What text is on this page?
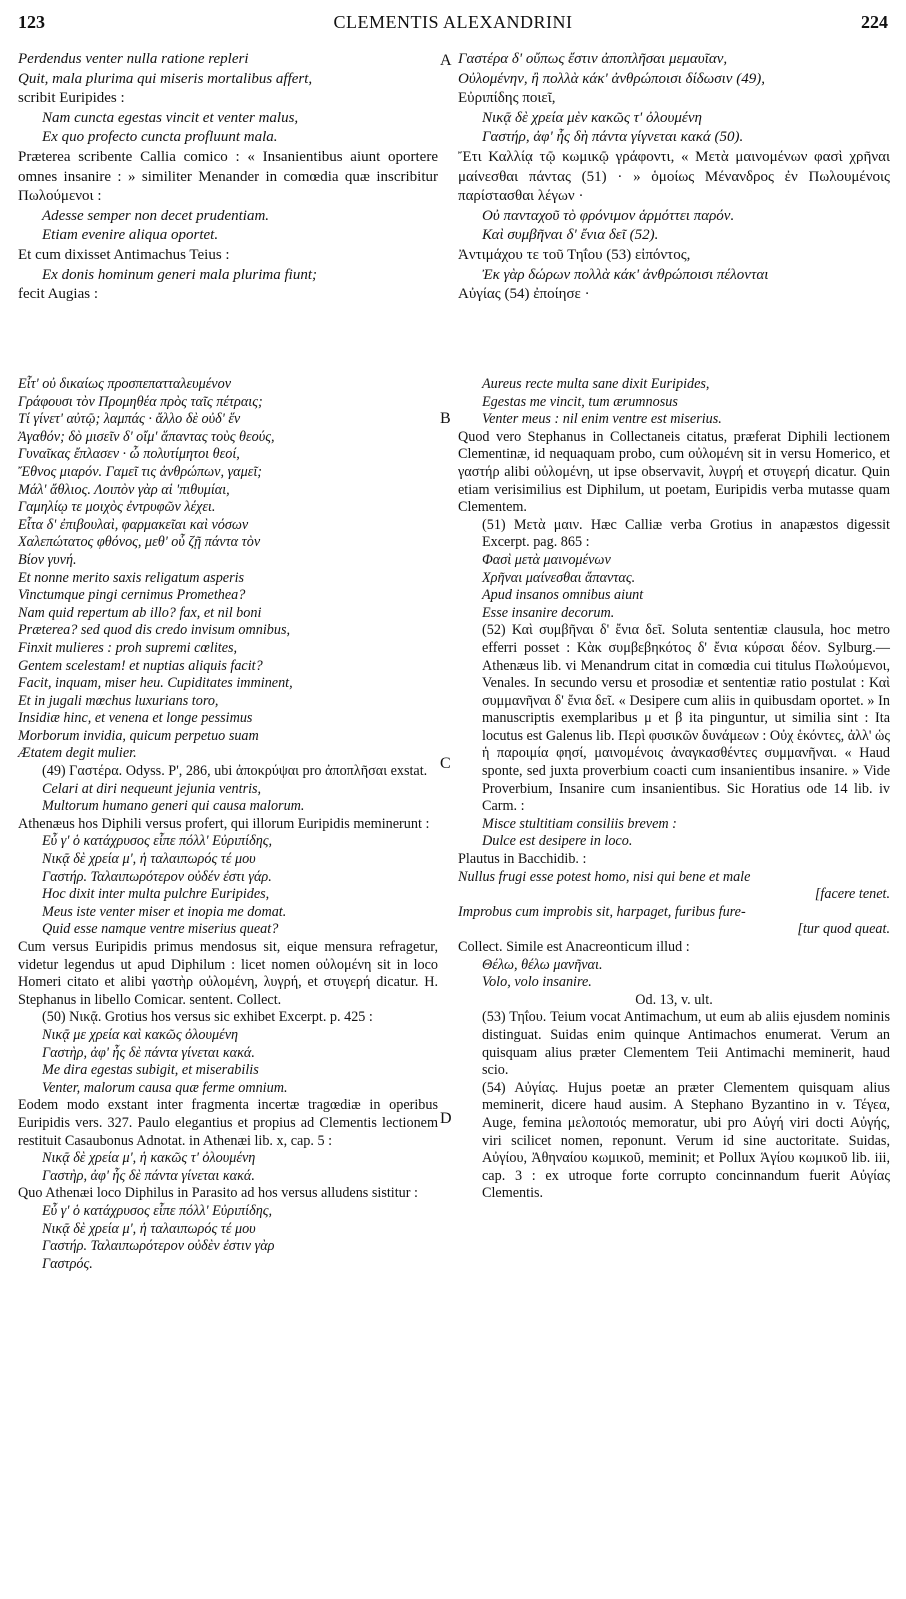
123	CLEMENTIS ALEXANDRINI	224

Perdendus venter nulla ratione repleri

Quit, mala plurima qui miseris mortalibus affert,

scribit Euripides :

Nam cuncta egestas vincit et venter malus,

Ex quo profecto cuncta profluunt mala.

Præterea scribente Callia comico : « Insanientibus aiunt oportere omnes insanire : » similiter Menander in comœdia quæ inscribitur Πωλούμενοι :

Adesse semper non decet prudentiam.

Etiam evenire aliqua oportet.

Et cum dixisset Antimachus Teius :

Ex donis hominum generi mala plurima fiunt;

fecit Augias :

Γαστέρα δ' οὔπως ἔστιν ἀποπλῆσαι μεμαυῖαν,

Οὐλομένην, ἢ πολλὰ κάκ' ἀνθρώποισι δίδωσιν (49),

Εὐριπίδης ποιεῖ,

Νικᾷ δὲ χρεία μὲν κακῶς τ' ὀλουμένη

Γαστήρ, ἀφ' ἧς δὴ πάντα γίγνεται κακά (50).

Ἔτι Καλλίᾳ τῷ κωμικῷ γράφοντι, « Μετὰ μαινομένων φασὶ χρῆναι μαίνεσθαι πάντας (51) · » ὁμοίως Μένανδρος ἐν Πωλουμένοις παρίστασθαι λέγων ·

Οὐ πανταχοῦ τὸ φρόνιμον ἁρμόττει παρόν.

Καὶ συμβῆναι δ' ἔνια δεῖ (52).

Ἀντιμάχου τε τοῦ Τηΐου (53) εἰπόντος,

Ἐκ γὰρ δώρων πολλὰ κάκ' ἀνθρώποισι πέλονται

Αὐγίας (54) ἐποίησε ·

Εἶτ' οὐ δικαίως προσπεπατταλευμένον

Γράφουσι τὸν Προμηθέα πρὸς ταῖς πέτραις;

Τί γίνετ' αὐτῷ; λαμπάς · ἄλλο δὲ οὐδ' ἕν

Ἀγαθόν; δὸ μισεῖν δ' οἴμ' ἅπαντας τοὺς θεούς,

Γυναῖκας ἔπλασεν · ὦ πολυτίμητοι θεοί,

Ἔθνος μιαρόν. Γαμεῖ τις ἀνθρώπων, γαμεῖ;

Μάλ' ἄθλιος. Λοιπὸν γὰρ αἱ 'πιθυμίαι,

Γαμηλίῳ τε μοιχὸς ἐντρυφῶν λέχει.

Εἶτα δ' ἐπιβουλαὶ, φαρμακεῖαι καὶ νόσων

Χαλεπώτατος φθόνος, μεθ' οὗ ζῇ πάντα τὸν

Βίον γυνή.

Et nonne merito saxis religatum asperis

Vinctumque pingi cernimus Promethea?

Nam quid repertum ab illo? fax, et nil boni

Præterea? sed quod dis credo invisum omnibus,

Finxit mulieres : proh supremi cœlites,

Gentem scelestam! et nuptias aliquis facit?

Facit, inquam, miser heu. Cupiditates imminent,

Et in jugali mœchus luxurians toro,

Insidiæ hinc, et venena et longe pessimus

Morborum invidia, quicum perpetuo suam

Ætatem degit mulier.

(49) Γαστέρα. Odyss. Ρ', 286, ubi ἀποκρύψαι pro ἀποπλῆσαι exstat.

Celari at diri nequeunt jejunia ventris,

Multorum humano generi qui causa malorum.

Athenæus hos Diphili versus profert, qui illorum Euripidis meminerunt :

Εὖ γ' ὁ κατάχρυσος εἶπε πόλλ' Εὐριπίδης,

Νικᾷ δὲ χρεία μ', ἡ ταλαιπωρός τέ μου

Γαστήρ. Ταλαιπωρότερον οὐδέν ἐστι γάρ.

Hoc dixit inter multa pulchre Euripides,

Meus iste venter miser et inopia me domat.

Quid esse namque ventre miserius queat?

Cum versus Euripidis primus mendosus sit, eique mensura refragetur, videtur legendus ut apud Diphilum : licet nomen οὐλομένη sit in loco Homeri citato et alibi γαστὴρ οὐλομένη, λυγρή, et στυγερή dicatur. H. Stephanus in libello Comicar. sentent. Collect.

(50) Νικᾷ. Grotius hos versus sic exhibet Excerpt. p. 425 :

Νικᾷ με χρεία καὶ κακῶς ὀλουμένη

Γαστὴρ, ἀφ' ἧς δὲ πάντα γίνεται κακά.

Me dira egestas subigit, et miserabilis

Venter, malorum causa quæ ferme omnium.

Eodem modo exstant inter fragmenta incertæ tragœdiæ in operibus Euripidis vers. 327. Paulo elegantius et propius ad Clementis lectionem restituit Casaubonus Adnotat. in Athenæi lib. x, cap. 5 :

Νικᾷ δὲ χρεία μ', ἡ κακῶς τ' ὀλουμένη

Γαστὴρ, ἀφ' ἧς δὲ πάντα γίνεται κακά.

Quo Athenæi loco Diphilus in Parasito ad hos versus alludens sistitur :

Εὖ γ' ὁ κατάχρυσος εἶπε πόλλ' Εὐριπίδης,

Νικᾷ δὲ χρεία μ', ἡ ταλαιπωρός τέ μου

Γαστήρ. Ταλαιπωρότερον οὐδὲν ἐστιν γὰρ

Γαστρός.

Aureus recte multa sane dixit Euripides,

Egestas me vincit, tum ærumnosus

Venter meus : nil enim ventre est miserius.

Quod vero Stephanus in Collectaneis citatus, præferat Diphili lectionem Clementinæ, id nequaquam probo, cum οὐλομένη sit in versu Homerico, et γαστήρ alibi οὐλομένη, ut ipse observavit, λυγρή et στυγερή dicatur. Quin etiam verisimilius est Diphilum, ut poetam, Euripidis verba mutasse quam Clementem.

(51) Μετὰ μαιν. Hæc Calliæ verba Grotius in anapæstos digessit Excerpt. pag. 865 :

Φασὶ μετὰ μαινομένων

Χρῆναι μαίνεσθαι ἅπαντας.

Apud insanos omnibus aiunt

Esse insanire decorum.

(52) Καὶ συμβῆναι δ' ἔνια δεῖ. Soluta sententiæ clausula, hoc metro efferri posset : Κὰκ συμβεβηκότος δ' ἔνια κύρσαι δέον. Sylburg.—Athenæus lib. vi Menandrum citat in comœdia cui titulus Πωλούμενοι, Venales. In secundo versu et prosodiæ et sententiæ ratio postulat : Καὶ συμμανῆναι δ' ἔνια δεῖ. « Desipere cum aliis in quibusdam oportet. » In manuscriptis exemplaribus μ et β ita pinguntur, ut similia sint : Ita locutus est Galenus lib. Περὶ φυσικῶν δυνάμεων : Οὐχ ἑκόντες, ἀλλ' ὡς ἡ παροιμία φησί, μαινομένοις ἀναγκασθέντες συμμανῆναι. « Haud sponte, sed juxta proverbium coacti cum insanientibus insanire. » Vide Proverbium, Insanire cum insanientibus. Sic Horatius ode 14 lib. iv Carm. :

Misce stultitiam consiliis brevem :

Dulce est desipere in loco.

Plautus in Bacchidib. :

Nullus frugi esse potest homo, nisi qui bene et male

[facere tenet.

Improbus cum improbis sit, harpaget, furibus fure-

[tur quod queat.

Collect. Simile est Anacreonticum illud :

Θέλω, θέλω μανῆναι.

Volo, volo insanire.

Od. 13, v. ult.

(53) Τηΐου. Teium vocat Antimachum, ut eum ab aliis ejusdem nominis distinguat. Suidas enim quinque Antimachos enumerat. Verum an quisquam alius præter Clementem Teii Antimachi meminerit, haud scio.

(54) Αὐγίας. Hujus poetæ an præter Clementem quisquam alius meminerit, dicere haud ausim. A Stephano Byzantino in v. Τέγεα, Auge, femina μελοποιός memoratur, ubi pro Αὐγή viri docti Αὐγής, viri scilicet nomen, reponunt. Verum id sine auctoritate. Suidas, Αὐγίου, Ἀθηναίου κωμικοῦ, meminit; et Pollux Ἁγίου κωμικοῦ lib. iii, cap. 3 : ex utroque forte corrupto concinnandum fuerit Αὐγίας Clementis.

A
B
C
D
